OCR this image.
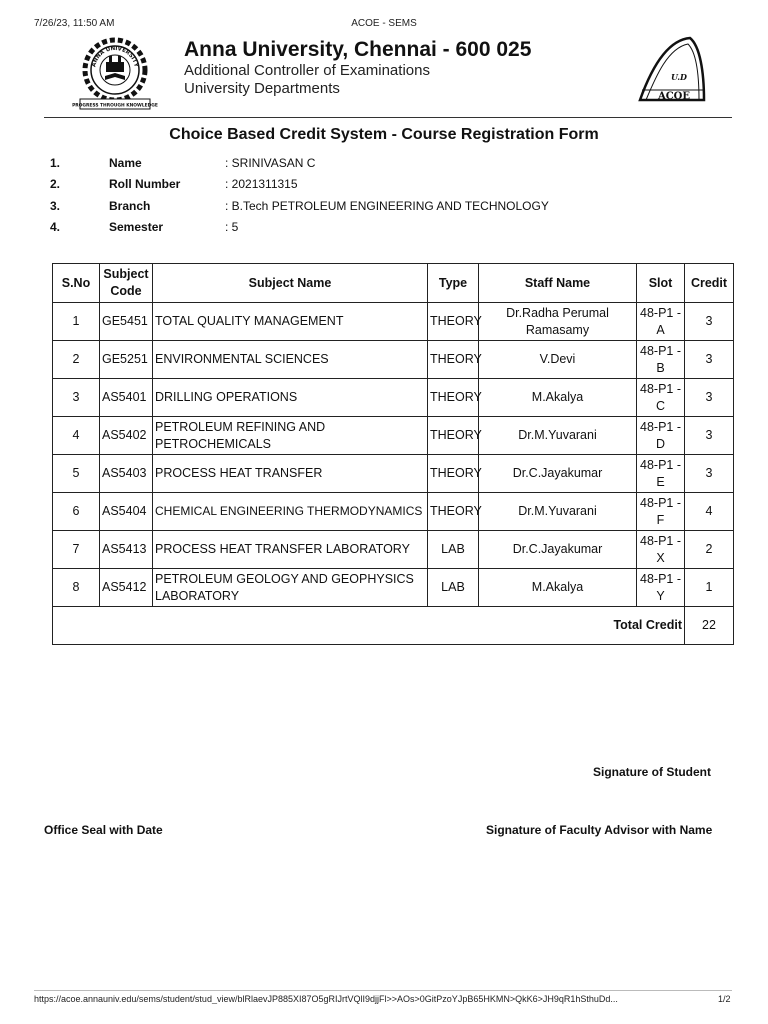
7/26/23, 11:50 AM	ACOE - SEMS
ANNA UNIVERSITY
PROGRESS THROUGH KNOWLEDGE
Anna University, Chennai - 600 025
Additional Controller of Examinations
University Departments
U.D
ACOE
Choice Based Credit System - Course Registration Form
1.	Name	: SRINIVASAN C
2.	Roll Number	: 2021311315
3.	Branch	: B.Tech PETROLEUM ENGINEERING AND TECHNOLOGY
4.	Semester	: 5
S.No	Subject Code	Subject Name	Type	Staff Name	Slot	Credit
1	GE5451	TOTAL QUALITY MANAGEMENT	THEORY	Dr.Radha Perumal Ramasamy	48-P1 - A	3
2	GE5251	ENVIRONMENTAL SCIENCES	THEORY	V.Devi	48-P1 - B	3
3	AS5401	DRILLING OPERATIONS	THEORY	M.Akalya	48-P1 - C	3
4	AS5402	PETROLEUM REFINING AND PETROCHEMICALS	THEORY	Dr.M.Yuvarani	48-P1 - D	3
5	AS5403	PROCESS HEAT TRANSFER	THEORY	Dr.C.Jayakumar	48-P1 - E	3
6	AS5404	CHEMICAL ENGINEERING THERMODYNAMICS	THEORY	Dr.M.Yuvarani	48-P1 - F	4
7	AS5413	PROCESS HEAT TRANSFER LABORATORY	LAB	Dr.C.Jayakumar	48-P1 - X	2
8	AS5412	PETROLEUM GEOLOGY AND GEOPHYSICS LABORATORY	LAB	M.Akalya	48-P1 - Y	1
Total Credit						22
Signature of Student
Office Seal with Date	Signature of Faculty Advisor with Name
https://acoe.annauniv.edu/sems/student/stud_view/blRlaevJP885XI87O5gRIJrtVQlI9djjFl>>AOs>0GitPzoYJpB65HKMN>QkK6>JH9qR1hSthuDd...	1/2
